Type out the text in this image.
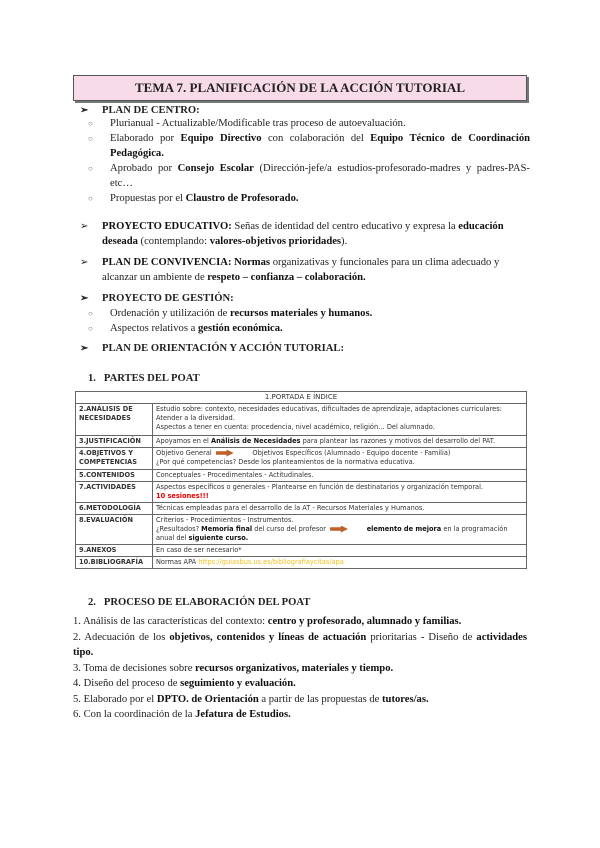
TEMA 7. PLANIFICACIÓN DE LA ACCIÓN TUTORIAL
➢ PLAN DE CENTRO:
○	Plurianual - Actualizable/Modificable tras proceso de autoevaluación.
○	Elaborado por Equipo Directivo con colaboración del Equipo Técnico de Coordinación Pedagógica.
○	Aprobado por Consejo Escolar (Dirección-jefe/a estudios-profesorado-madres y padres-PAS-etc…
○	Propuestas por el Claustro de Profesorado.
➢	PROYECTO EDUCATIVO: Señas de identidad del centro educativo y expresa la educación deseada (contemplando: valores-objetivos prioridades).
➢	PLAN DE CONVIVENCIA: Normas organizativas y funcionales para un clima adecuado y alcanzar un ambiente de respeto – confianza – colaboración.
➢ PROYECTO DE GESTIÓN:
○	Ordenación y utilización de recursos materiales y humanos.
○	Aspectos relativos a gestión económica.
➢ PLAN DE ORIENTACIÓN Y ACCIÓN TUTORIAL:
1.   PARTES DEL POAT
1.PORTADA E ÍNDICE	
2.ANÁLISIS DE NECESIDADES	Estudio sobre: contexto, necesidades educativas, dificultades de aprendizaje, adaptaciones curriculares:
Atender a la diversidad.
Aspectos a tener en cuenta: procedencia, nivel académico, religión… Del alumnado.

3.JUSTIFICACIÓN	Apoyamos en el Análisis de Necesidades para plantear las razones y motivos del desarrollo del PAT.

4.OBJETIVOS Y COMPETENCIAS	Objetivo General Objetivos Específicos (Alumnado - Equipo docente - Familia)
¿Por qué competencias? Desde los planteamientos de la normativa educativa.

5.CONTENIDOS	Conceptuales - Procedimentales - Actitudinales.

7.ACTIVIDADES	Aspectos específicos o generales - Plantearse en función de destinatarios y organización temporal.
10 sesiones!!!

6.METODOLOGÍA	Técnicas empleadas para el desarrollo de la AT - Recursos Materiales y Humanos.

8.EVALUACIÓN	Criterios - Procedimientos - Instrumentos.
¿Resultados? Memoria final del curso del profesor elemento de mejora en la programación anual del siguiente curso.

9.ANEXOS	En caso de ser necesario*

10.BIBLIOGRAFÍA	Normas APA https://guiasbus.us.es/bibliografiaycitas/apa
2.   PROCESO DE ELABORACIÓN DEL POAT
1. Análisis de las características del contexto: centro y profesorado, alumnado y familias.
2. Adecuación de los objetivos, contenidos y líneas de actuación prioritarias - Diseño de actividades tipo.
3. Toma de decisiones sobre recursos organizativos, materiales y tiempo.
4. Diseño del proceso de seguimiento y evaluación.
5. Elaborado por el DPTO. de Orientación a partir de las propuestas de tutores/as.
6. Con la coordinación de la Jefatura de Estudios.
